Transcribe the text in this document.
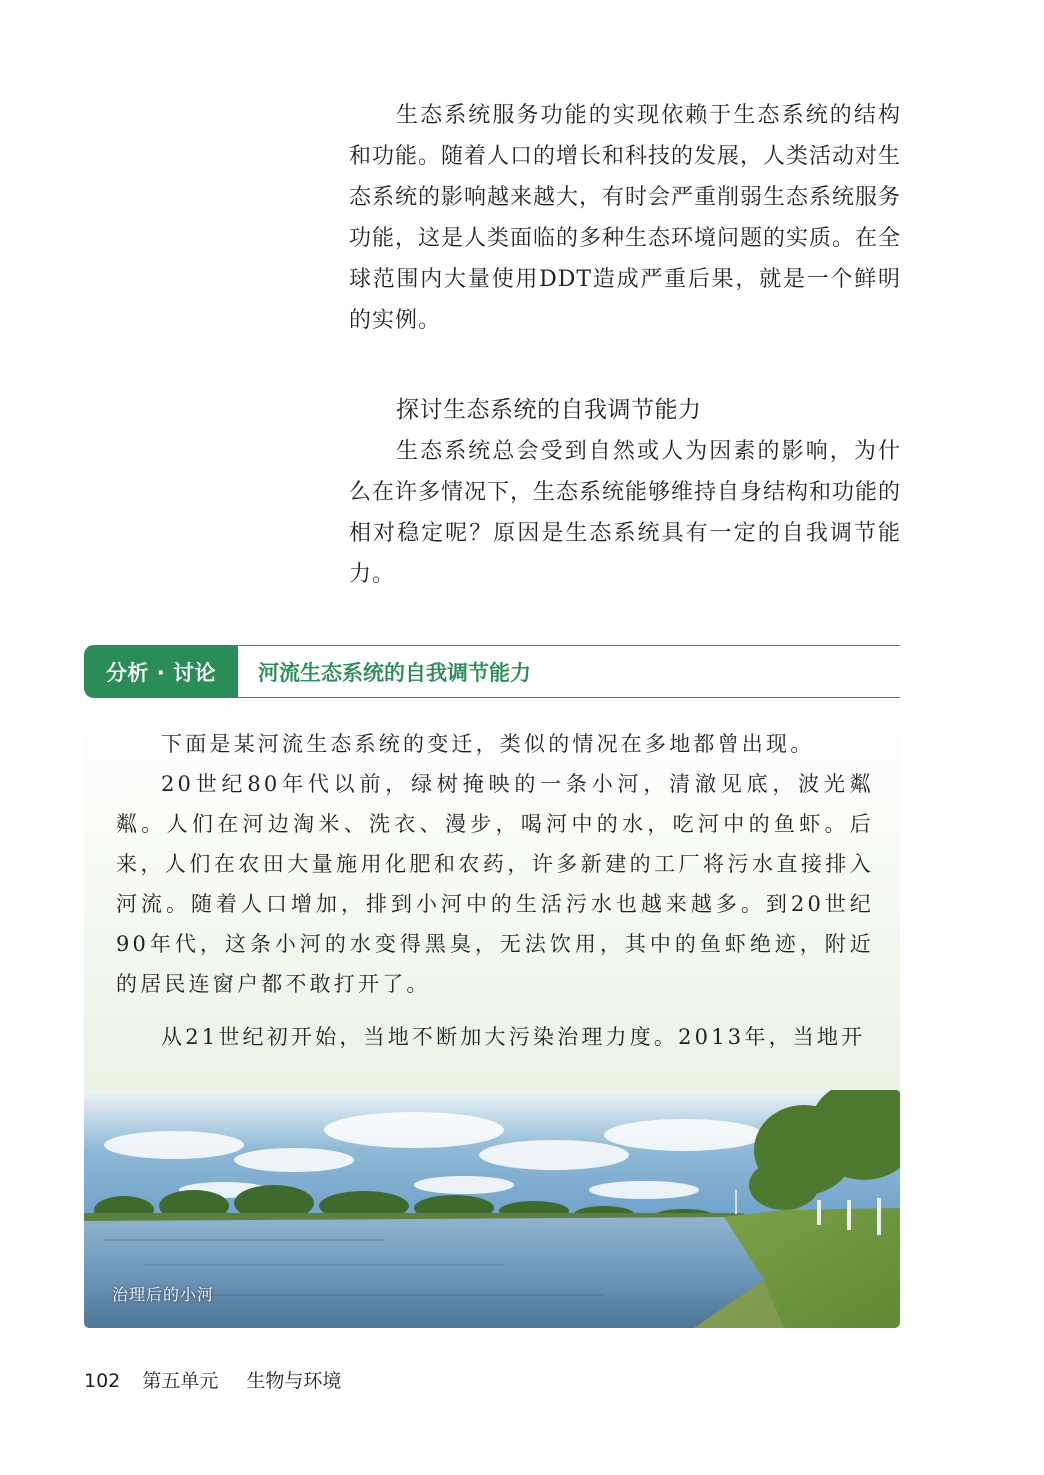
生态系统服务功能的实现依赖于生态系统的结构和功能。随着人口的增长和科技的发展，人类活动对生态系统的影响越来越大，有时会严重削弱生态系统服务功能，这是人类面临的多种生态环境问题的实质。在全球范围内大量使用DDT造成严重后果，就是一个鲜明的实例。

探讨生态系统的自我调节能力

生态系统总会受到自然或人为因素的影响，为什么在许多情况下，生态系统能够维持自身结构和功能的相对稳定呢？原因是生态系统具有一定的自我调节能力。

分析 · 讨论	河流生态系统的自我调节能力

下面是某河流生态系统的变迁，类似的情况在多地都曾出现。

20世纪80年代以前，绿树掩映的一条小河，清澈见底，波光粼粼。人们在河边淘米、洗衣、漫步，喝河中的水，吃河中的鱼虾。后来，人们在农田大量施用化肥和农药，许多新建的工厂将污水直接排入河流。随着人口增加，排到小河中的生活污水也越来越多。到20世纪90年代，这条小河的水变得黑臭，无法饮用，其中的鱼虾绝迹，附近的居民连窗户都不敢打开了。

从21世纪初开始，当地不断加大污染治理力度。2013年，当地开

治理后的小河
102 第五单元 生物与环境
